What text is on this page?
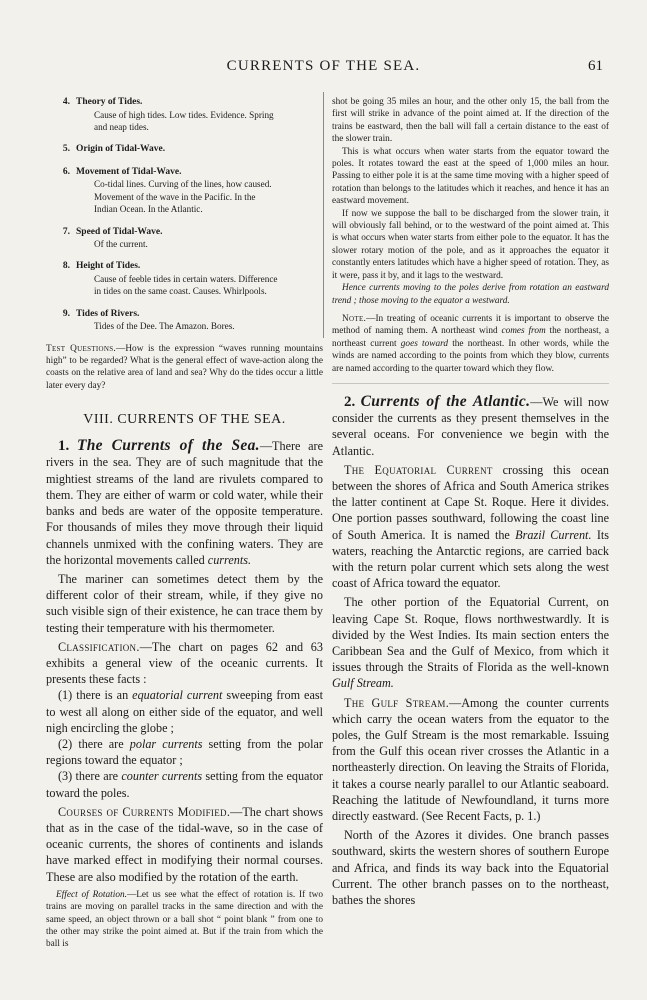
CURRENTS OF THE SEA.	61
4. Theory of Tides.
Cause of high tides. Low tides. Evidence. Spring
and neap tides.
5. Origin of Tidal-Wave.
6. Movement of Tidal-Wave.
Co-tidal lines. Curving of the lines, how caused.
Movement of the wave in the Pacific. In the
Indian Ocean. In the Atlantic.
7. Speed of Tidal-Wave.
Of the current.
8. Height of Tides.
Cause of feeble tides in certain waters. Difference
in tides on the same coast. Causes. Whirlpools.
9. Tides of Rivers.
Tides of the Dee. The Amazon. Bores.

Test Questions.—How is the expression “waves running mountains high” to be regarded? What is the general effect of wave-action along the coasts on the relative area of land and sea? Why do the tides occur a little later every day?

VIII. CURRENTS OF THE SEA.

1. The Currents of the Sea.—There are rivers in the sea. They are of such magnitude that the mightiest streams of the land are rivulets compared to them. They are either of warm or cold water, while their banks and beds are water of the opposite temperature. For thousands of miles they move through their liquid channels unmixed with the confining waters. They are the horizontal movements called currents.

The mariner can sometimes detect them by the different color of their stream, while, if they give no such visible sign of their existence, he can trace them by testing their temperature with his thermometer.

Classification.—The chart on pages 62 and 63 exhibits a general view of the oceanic currents. It presents these facts :

(1) there is an equatorial current sweeping from east to west all along on either side of the equator, and well nigh encircling the globe ;

(2) there are polar currents setting from the polar regions toward the equator ;

(3) there are counter currents setting from the equator toward the poles.

Courses of Currents Modified.—The chart shows that as in the case of the tidal-wave, so in the case of oceanic currents, the shores of continents and islands have marked effect in modifying their normal courses. These are also modified by the rotation of the earth.

Effect of Rotation.—Let us see what the effect of rotation is. If two trains are moving on parallel tracks in the same direction and with the same speed, an object thrown or a ball shot “ point blank ” from one to the other may strike the point aimed at. But if the train from which the ball is

shot be going 35 miles an hour, and the other only 15, the ball from the first will strike in advance of the point aimed at. If the direction of the trains be eastward, then the ball will fall a certain distance to the east of the slower train.

This is what occurs when water starts from the equator toward the poles. It rotates toward the east at the speed of 1,000 miles an hour. Passing to either pole it is at the same time moving with a higher speed of rotation than belongs to the latitudes which it reaches, and hence it has an eastward movement.

If now we suppose the ball to be discharged from the slower train, it will obviously fall behind, or to the westward of the point aimed at. This is what occurs when water starts from either pole to the equator. It has the slower rotary motion of the pole, and as it approaches the equator it constantly enters latitudes which have a higher speed of rotation. They, as it were, pass it by, and it lags to the westward.

Hence currents moving to the poles derive from rotation an eastward trend ; those moving to the equator a westward.

Note.—In treating of oceanic currents it is important to observe the method of naming them. A northeast wind comes from the northeast, a northeast current goes toward the northeast. In other words, while the winds are named according to the points from which they blow, currents are named according to the quarter toward which they flow.

2. Currents of the Atlantic.—We will now consider the currents as they present themselves in the several oceans. For convenience we begin with the Atlantic.

The Equatorial Current crossing this ocean between the shores of Africa and South America strikes the latter continent at Cape St. Roque. Here it divides. One portion passes southward, following the coast line of South America. It is named the Brazil Current. Its waters, reaching the Antarctic regions, are carried back with the return polar current which sets along the west coast of Africa toward the equator.

The other portion of the Equatorial Current, on leaving Cape St. Roque, flows northwestwardly. It is divided by the West Indies. Its main section enters the Caribbean Sea and the Gulf of Mexico, from which it issues through the Straits of Florida as the well-known Gulf Stream.

The Gulf Stream.—Among the counter currents which carry the ocean waters from the equator to the poles, the Gulf Stream is the most remarkable. Issuing from the Gulf this ocean river crosses the Atlantic in a northeasterly direction. On leaving the Straits of Florida, it takes a course nearly parallel to our Atlantic seaboard. Reaching the latitude of Newfoundland, it turns more directly eastward. (See Recent Facts, p. 1.)

North of the Azores it divides. One branch passes southward, skirts the western shores of southern Europe and Africa, and finds its way back into the Equatorial Current. The other branch passes on to the northeast, bathes the shores
